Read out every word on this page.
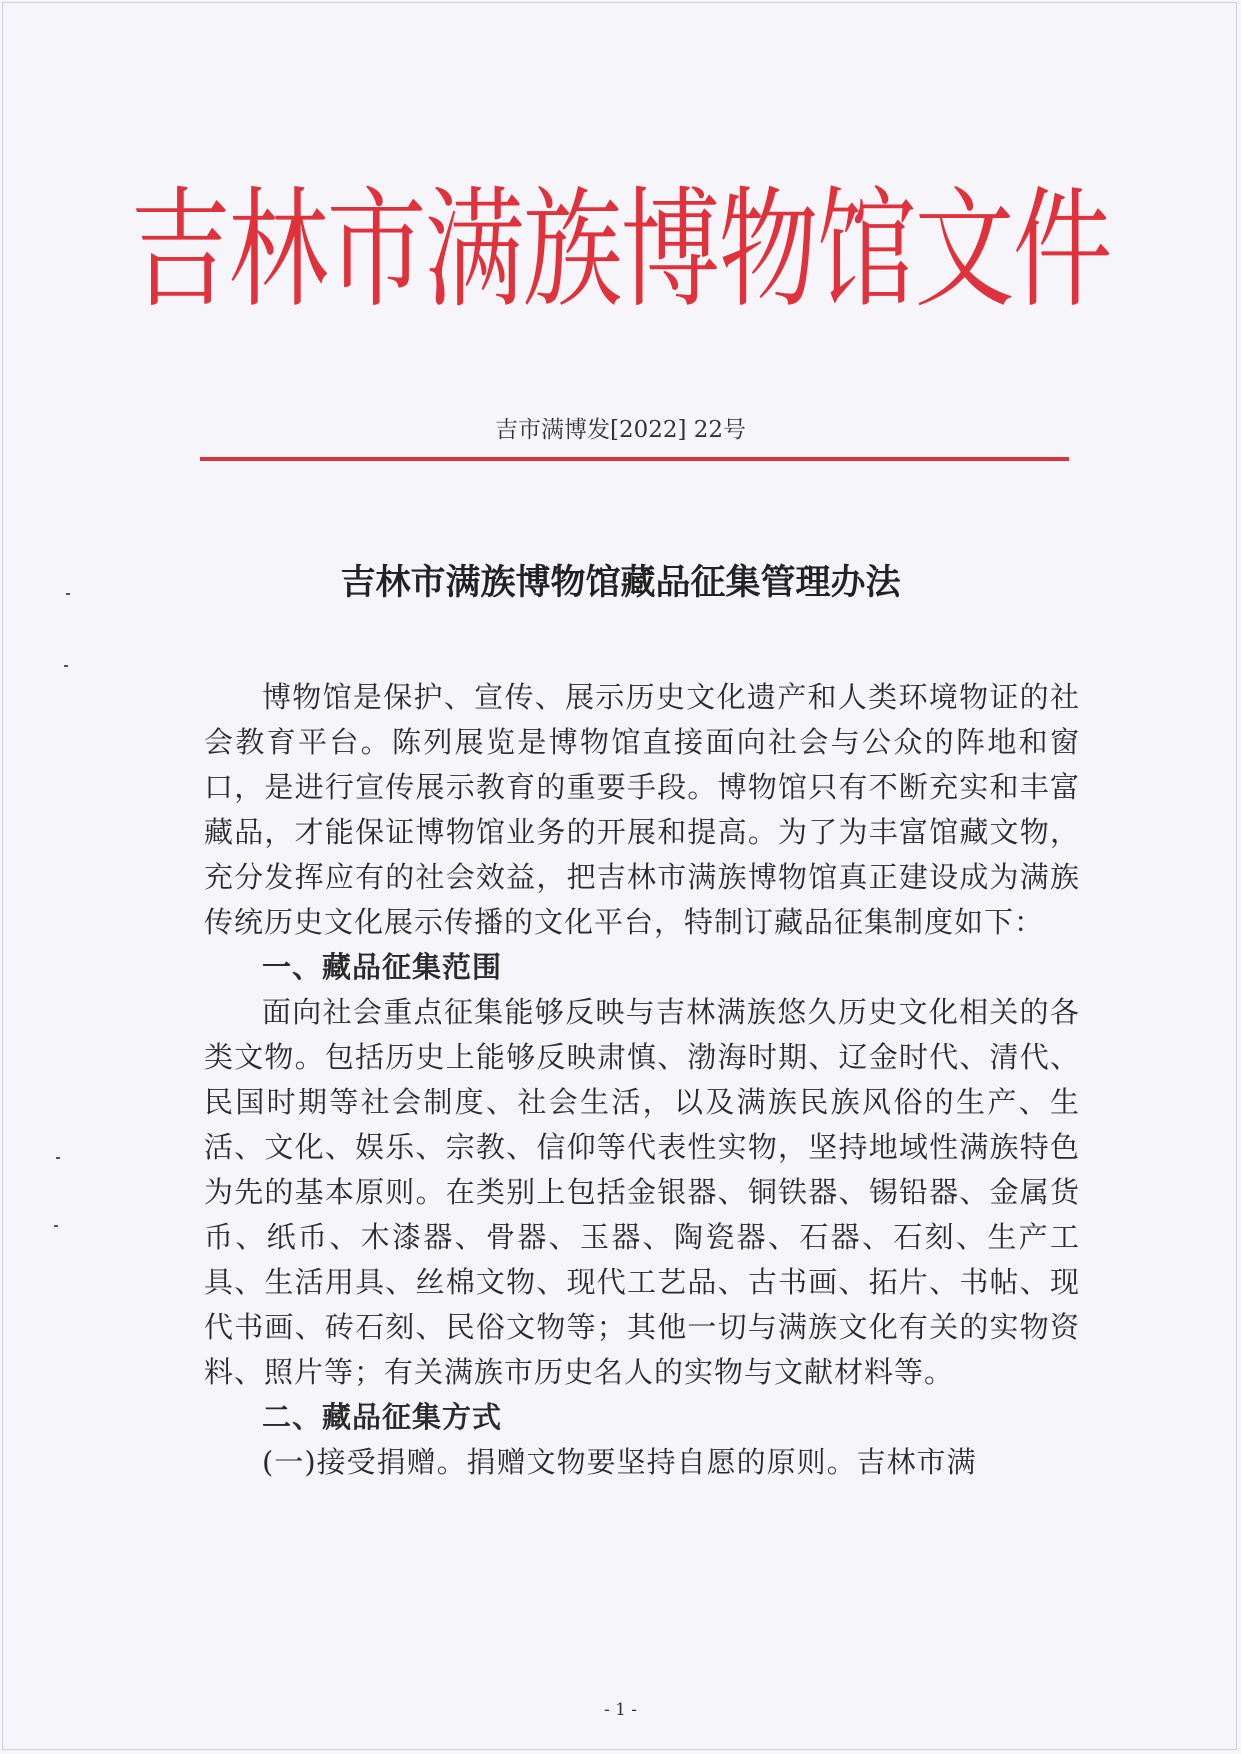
吉林市满族博物馆文件
吉市满博发[2022] 22号
吉林市满族博物馆藏品征集管理办法

博物馆是保护、宣传、展示历史文化遗产和人类环境物证的社会教育平台。陈列展览是博物馆直接面向社会与公众的阵地和窗口，是进行宣传展示教育的重要手段。博物馆只有不断充实和丰富藏品，才能保证博物馆业务的开展和提高。为了为丰富馆藏文物，充分发挥应有的社会效益，把吉林市满族博物馆真正建设成为满族传统历史文化展示传播的文化平台，特制订藏品征集制度如下：

一、藏品征集范围

面向社会重点征集能够反映与吉林满族悠久历史文化相关的各类文物。包括历史上能够反映肃慎、渤海时期、辽金时代、清代、民国时期等社会制度、社会生活，以及满族民族风俗的生产、生活、文化、娱乐、宗教、信仰等代表性实物，坚持地域性满族特色为先的基本原则。在类别上包括金银器、铜铁器、锡铅器、金属货币、纸币、木漆器、骨器、玉器、陶瓷器、石器、石刻、生产工具、生活用具、丝棉文物、现代工艺品、古书画、拓片、书帖、现代书画、砖石刻、民俗文物等；其他一切与满族文化有关的实物资料、照片等；有关满族市历史名人的实物与文献材料等。

二、藏品征集方式

(一)接受捐赠。捐赠文物要坚持自愿的原则。吉林市满

- 1 -
